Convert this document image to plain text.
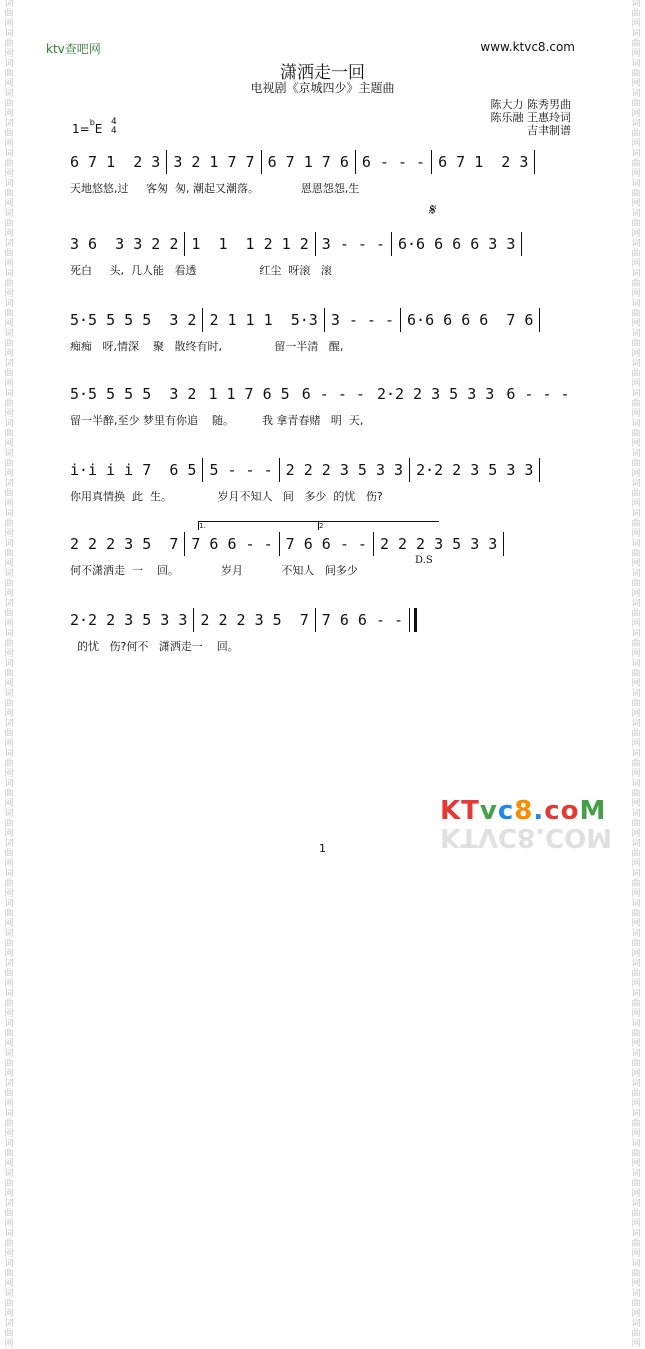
词
曲
网
词
曲
网
词
曲
网
词
曲
网
词
曲
网
词
曲
网
词
曲
网
词
曲
网
词
曲
网
词
曲
网
词
曲
网
词
曲
网
词
曲
网
词
曲
网
词
曲
网
词
曲
网
词
曲
网
词
曲
网
词
曲
网
词
曲
网
词
曲
网
词
曲
网
词
曲
网
词
曲
网
词
曲
网
词
曲
网
词
曲
网
词
曲
网
词
曲
网
词
曲
网
词
曲
网
词
曲
网
词
曲
网
词
曲
网
词
曲
网
词
曲
网
词
曲
网
词
曲
网
词
曲
网
词
曲
网
词
曲
网
词
曲
网
词
曲
网
词
曲
网
词
曲
网
词
曲
网
词
曲
网
词
曲
网
词
曲
网
词
曲
网
词
曲
网
词
曲
网
词
曲
网
词
曲
网
词
曲
网
词
曲
网
词
曲
网
词
曲
网
词
曲
网
词
曲
网
词
曲
网
词
曲
网
词
曲
网
词
曲
网
词
曲
网
词
曲
网
词
曲
网
词
曲
网
词
曲
网
词
曲
网
词
曲
网
词
曲
网
词
曲
网
词
曲
网
词
曲
网
词
曲
网
词
曲
网
词
曲
网
词
曲
网
词
曲
网
词
曲
网
词
曲
网
词
曲
网
词
曲
网
词
曲
网
词
曲
网
词
曲
网
词
曲
网
词
曲
网
词
曲
网
ktv查吧网	www.ktvc8.com
潇洒走一回
电视剧《京城四少》主题曲
陈大力 陈秀男曲
陈乐融 王惠玲词
吉聿制谱
1=$^b$E 4
4
𝄋
D.S
1.	2
6 7 1  2 3 3 2 1 7 7 6 7 1 7 6 6 - - - 6 7 1  2 3
天地悠悠,过     客匆  匆, 潮起又潮落。            恩恩怨怨,生
3 6  3 3 2 2 1  1  1 2 1 2 3 - - - 6·6 6 6 6 3 3
死白     头,  几人能   看透                  红尘  呀滚   滚
5·5 5 5 5  3 2 2 1 1 1  5·3 3 - - - 6·6 6 6 6  7 6
痴痴   呀,情深    聚   散终有时,               留一半清   醒,
5·5 5 5 5  3 2 1 1 7 6 5 6 - - - 2·2 2 3 5 3 3 6 - - -
留一半醉,至少 梦里有你追    随。        我 拿青春赌   明  天,
i·i i i 7  6 5 5 - - - 2 2 2 3 5 3 3 2·2 2 3 5 3 3
你用真情换  此  生。             岁月不知人   间   多少  的忧   伤?
2 2 2 3 5  7 7 6 6 - - 7 6 6 - - 2 2 2 3 5 3 3
何不潇洒走  一    回。            岁月           不知人   间多少
2·2 2 3 5 3 3 2 2 2 3 5  7 7 6 6 - -
的忧   伤?何不   潇洒走一    回。
KTvc8.coM
KTVC8.COM
1
